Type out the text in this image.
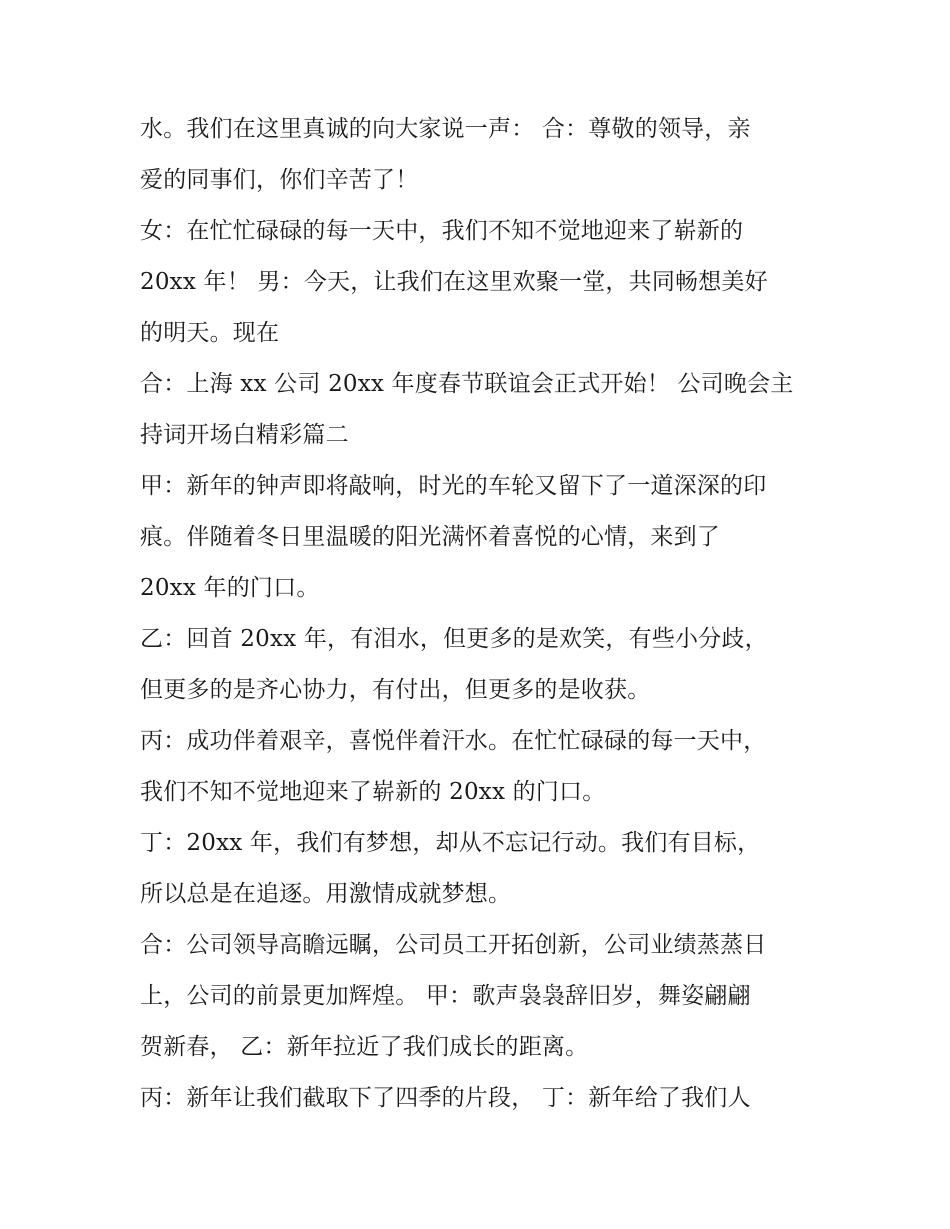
水。我们在这里真诚的向大家说一声： 合：尊敬的领导，亲
爱的同事们，你们辛苦了！
女：在忙忙碌碌的每一天中，我们不知不觉地迎来了崭新的
20xx 年！ 男：今天，让我们在这里欢聚一堂，共同畅想美好
的明天。现在
合：上海 xx 公司 20xx 年度春节联谊会正式开始！ 公司晚会主
持词开场白精彩篇二
甲：新年的钟声即将敲响，时光的车轮又留下了一道深深的印
痕。伴随着冬日里温暖的阳光满怀着喜悦的心情，来到了
20xx 年的门口。
乙：回首 20xx 年，有泪水，但更多的是欢笑，有些小分歧，
但更多的是齐心协力，有付出，但更多的是收获。
丙：成功伴着艰辛，喜悦伴着汗水。在忙忙碌碌的每一天中，
我们不知不觉地迎来了崭新的 20xx 的门口。
丁：20xx 年，我们有梦想，却从不忘记行动。我们有目标，
所以总是在追逐。用激情成就梦想。
合：公司领导高瞻远瞩，公司员工开拓创新，公司业绩蒸蒸日
上，公司的前景更加辉煌。 甲：歌声袅袅辞旧岁，舞姿翩翩
贺新春， 乙：新年拉近了我们成长的距离。
丙：新年让我们截取下了四季的片段， 丁：新年给了我们人
